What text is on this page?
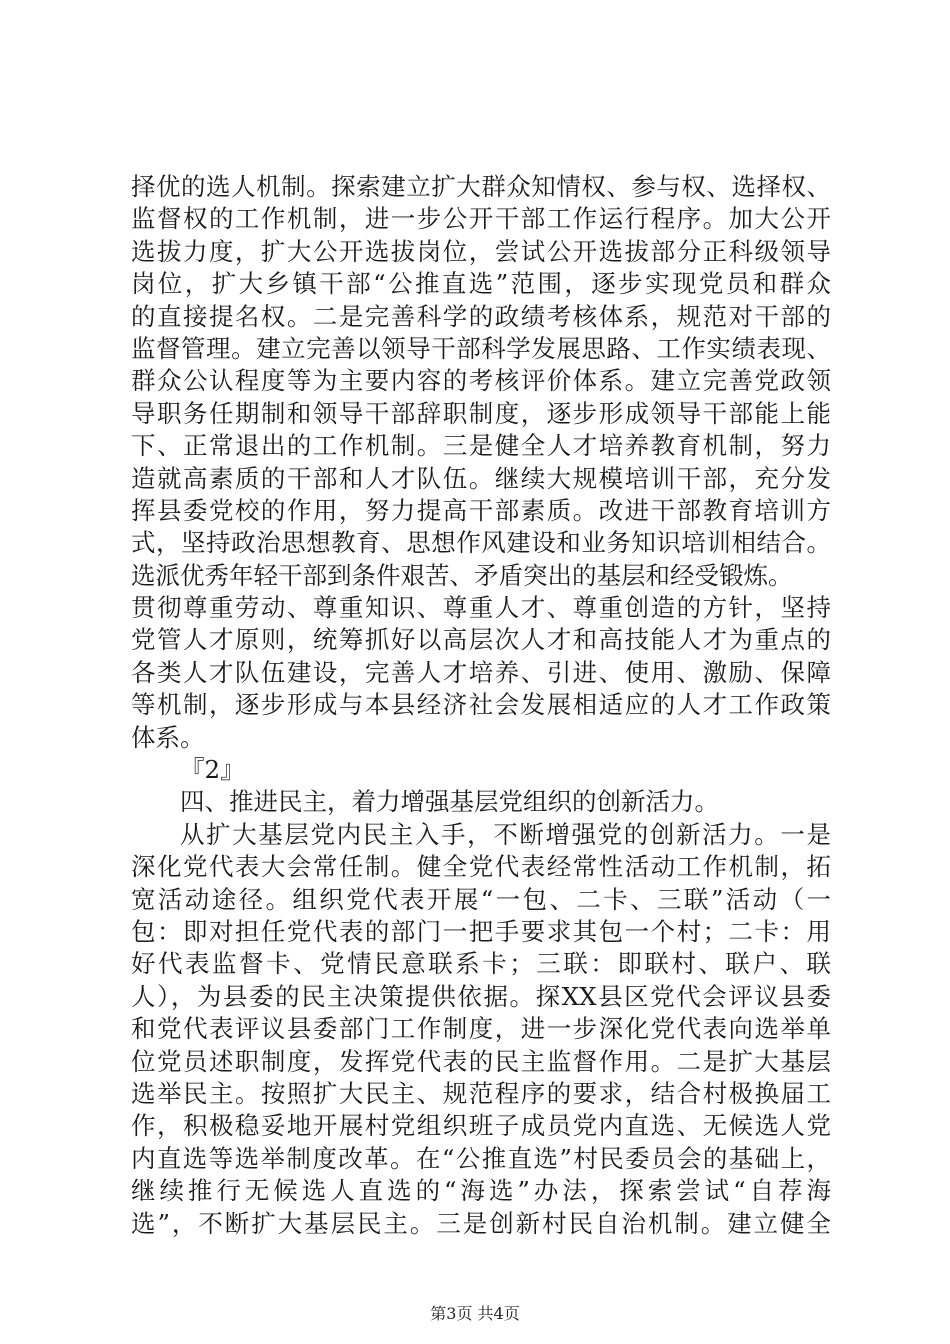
择优的选人机制。探索建立扩大群众知情权、参与权、选择权、
监督权的工作机制，进一步公开干部工作运行程序。加大公开
选拔力度，扩大公开选拔岗位，尝试公开选拔部分正科级领导
岗位，扩大乡镇干部“公推直选”范围，逐步实现党员和群众
的直接提名权。二是完善科学的政绩考核体系，规范对干部的
监督管理。建立完善以领导干部科学发展思路、工作实绩表现、
群众公认程度等为主要内容的考核评价体系。建立完善党政领
导职务任期制和领导干部辞职制度，逐步形成领导干部能上能
下、正常退出的工作机制。三是健全人才培养教育机制，努力
造就高素质的干部和人才队伍。继续大规模培训干部，充分发
挥县委党校的作用，努力提高干部素质。改进干部教育培训方
式，坚持政治思想教育、思想作风建设和业务知识培训相结合。
选派优秀年轻干部到条件艰苦、矛盾突出的基层和经受锻炼。
贯彻尊重劳动、尊重知识、尊重人才、尊重创造的方针，坚持
党管人才原则，统筹抓好以高层次人才和高技能人才为重点的
各类人才队伍建设，完善人才培养、引进、使用、激励、保障
等机制，逐步形成与本县经济社会发展相适应的人才工作政策
体系。
『2』
四、推进民主，着力增强基层党组织的创新活力。
从扩大基层党内民主入手，不断增强党的创新活力。一是
深化党代表大会常任制。健全党代表经常性活动工作机制，拓
宽活动途径。组织党代表开展“一包、二卡、三联”活动（一
包：即对担任党代表的部门一把手要求其包一个村；二卡：用
好代表监督卡、党情民意联系卡；三联：即联村、联户、联
人），为县委的民主决策提供依据。探XX县区党代会评议县委
和党代表评议县委部门工作制度，进一步深化党代表向选举单
位党员述职制度，发挥党代表的民主监督作用。二是扩大基层
选举民主。按照扩大民主、规范程序的要求，结合村极换届工
作，积极稳妥地开展村党组织班子成员党内直选、无候选人党
内直选等选举制度改革。在“公推直选”村民委员会的基础上，
继续推行无候选人直选的“海选”办法，探索尝试“自荐海
选”，不断扩大基层民主。三是创新村民自治机制。建立健全
第3页 共4页
